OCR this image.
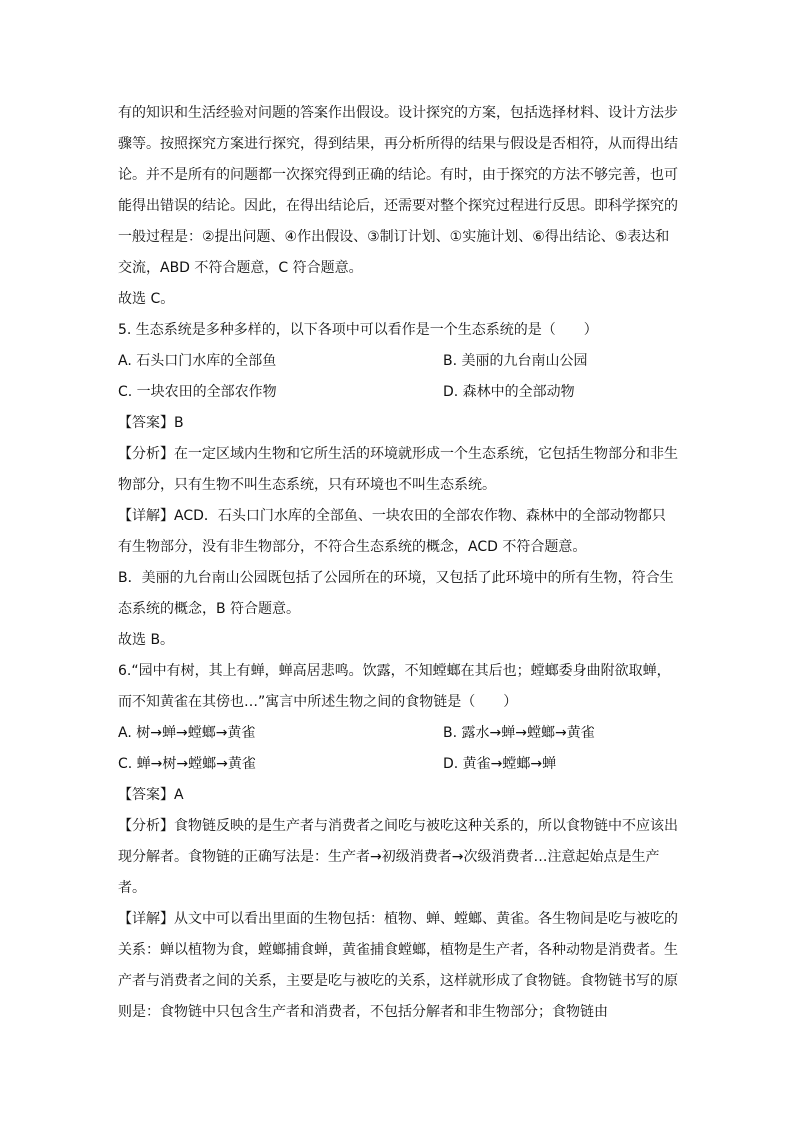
有的知识和生活经验对问题的答案作出假设。设计探究的方案，包括选择材料、设计方法步骤等。按照探究方案进行探究，得到结果，再分析所得的结果与假设是否相符，从而得出结论。并不是所有的问题都一次探究得到正确的结论。有时，由于探究的方法不够完善，也可能得出错误的结论。因此，在得出结论后，还需要对整个探究过程进行反思。即科学探究的一般过程是：②提出问题、④作出假设、③制订计划、①实施计划、⑥得出结论、⑤表达和交流，ABD 不符合题意，C 符合题意。

故选 C。

5. 生态系统是多种多样的，以下各项中可以看作是一个生态系统的是（　　）

A. 石头口门水库的全部鱼	B. 美丽的九台南山公园

C. 一块农田的全部农作物	D. 森林中的全部动物

【答案】B

【分析】在一定区域内生物和它所生活的环境就形成一个生态系统，它包括生物部分和非生物部分，只有生物不叫生态系统，只有环境也不叫生态系统。

【详解】ACD．石头口门水库的全部鱼、一块农田的全部农作物、森林中的全部动物都只有生物部分，没有非生物部分，不符合生态系统的概念，ACD 不符合题意。

B．美丽的九台南山公园既包括了公园所在的环境，又包括了此环境中的所有生物，符合生态系统的概念，B 符合题意。

故选 B。

6.“园中有树，其上有蝉，蝉高居悲鸣。饮露，不知螳螂在其后也；螳螂委身曲附欲取蝉，而不知黄雀在其傍也…”寓言中所述生物之间的食物链是（　　）

A. 树→蝉→螳螂→黄雀	B. 露水→蝉→螳螂→黄雀

C. 蝉→树→螳螂→黄雀	D. 黄雀→螳螂→蝉

【答案】A

【分析】食物链反映的是生产者与消费者之间吃与被吃这种关系的，所以食物链中不应该出现分解者。食物链的正确写法是：生产者→初级消费者→次级消费者…注意起始点是生产者。

【详解】从文中可以看出里面的生物包括：植物、蝉、螳螂、黄雀。各生物间是吃与被吃的关系：蝉以植物为食，螳螂捕食蝉，黄雀捕食螳螂，植物是生产者，各种动物是消费者。生产者与消费者之间的关系，主要是吃与被吃的关系，这样就形成了食物链。食物链书写的原则是：食物链中只包含生产者和消费者，不包括分解者和非生物部分；食物链由
